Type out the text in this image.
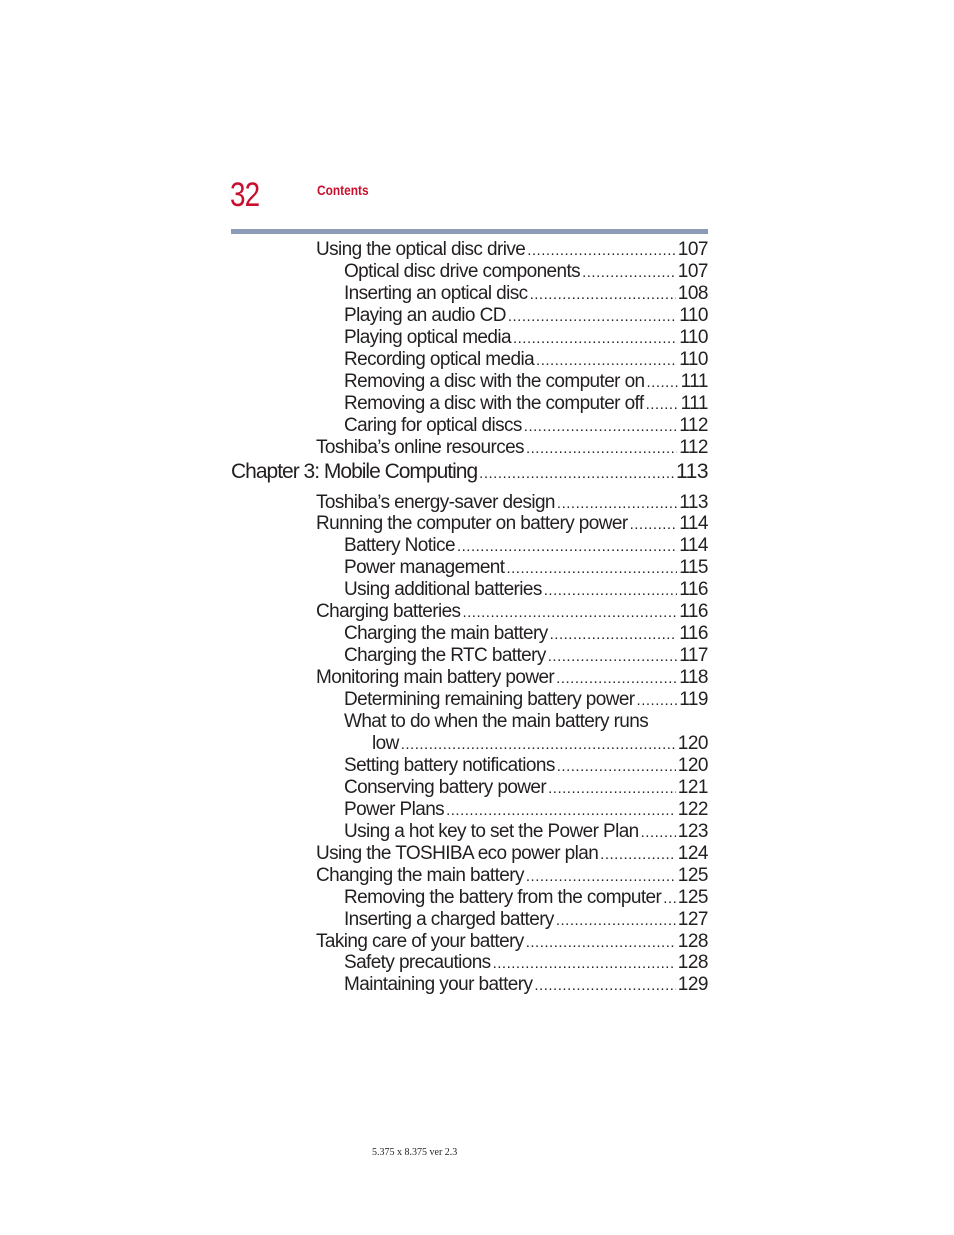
32	Contents
Using the optical disc drive .....	107
Optical disc drive components .....	107
Inserting an optical disc .....	108
Playing an audio CD .....	110
Playing optical media .....	110
Recording optical media .....	110
Removing a disc with the computer on ..... 111
Removing a disc with the computer off ..... 111
Caring for optical discs .....	112
Toshiba’s online resources .....	112
Chapter 3: Mobile Computing .....	113
Toshiba’s energy-saver design .....	113
Running the computer on battery power .....	114
Battery Notice .....	114
Power management .....	115
Using additional batteries .....	116
Charging batteries .....	116
Charging the main battery .....	116
Charging the RTC battery .....	117
Monitoring main battery power .....	118
Determining remaining battery power ..... 119
What to do when the main battery runs
low .....	120
Setting battery notifications .....	120
Conserving battery power .....	121
Power Plans .....	122
Using a hot key to set the Power Plan ..... 123
Using the TOSHIBA eco power plan .....	124
Changing the main battery .....	125
Removing the battery from the computer ..... 125
Inserting a charged battery .....	127
Taking care of your battery .....	128
Safety precautions .....	128
Maintaining your battery .....	129
5.375 x 8.375 ver 2.3
